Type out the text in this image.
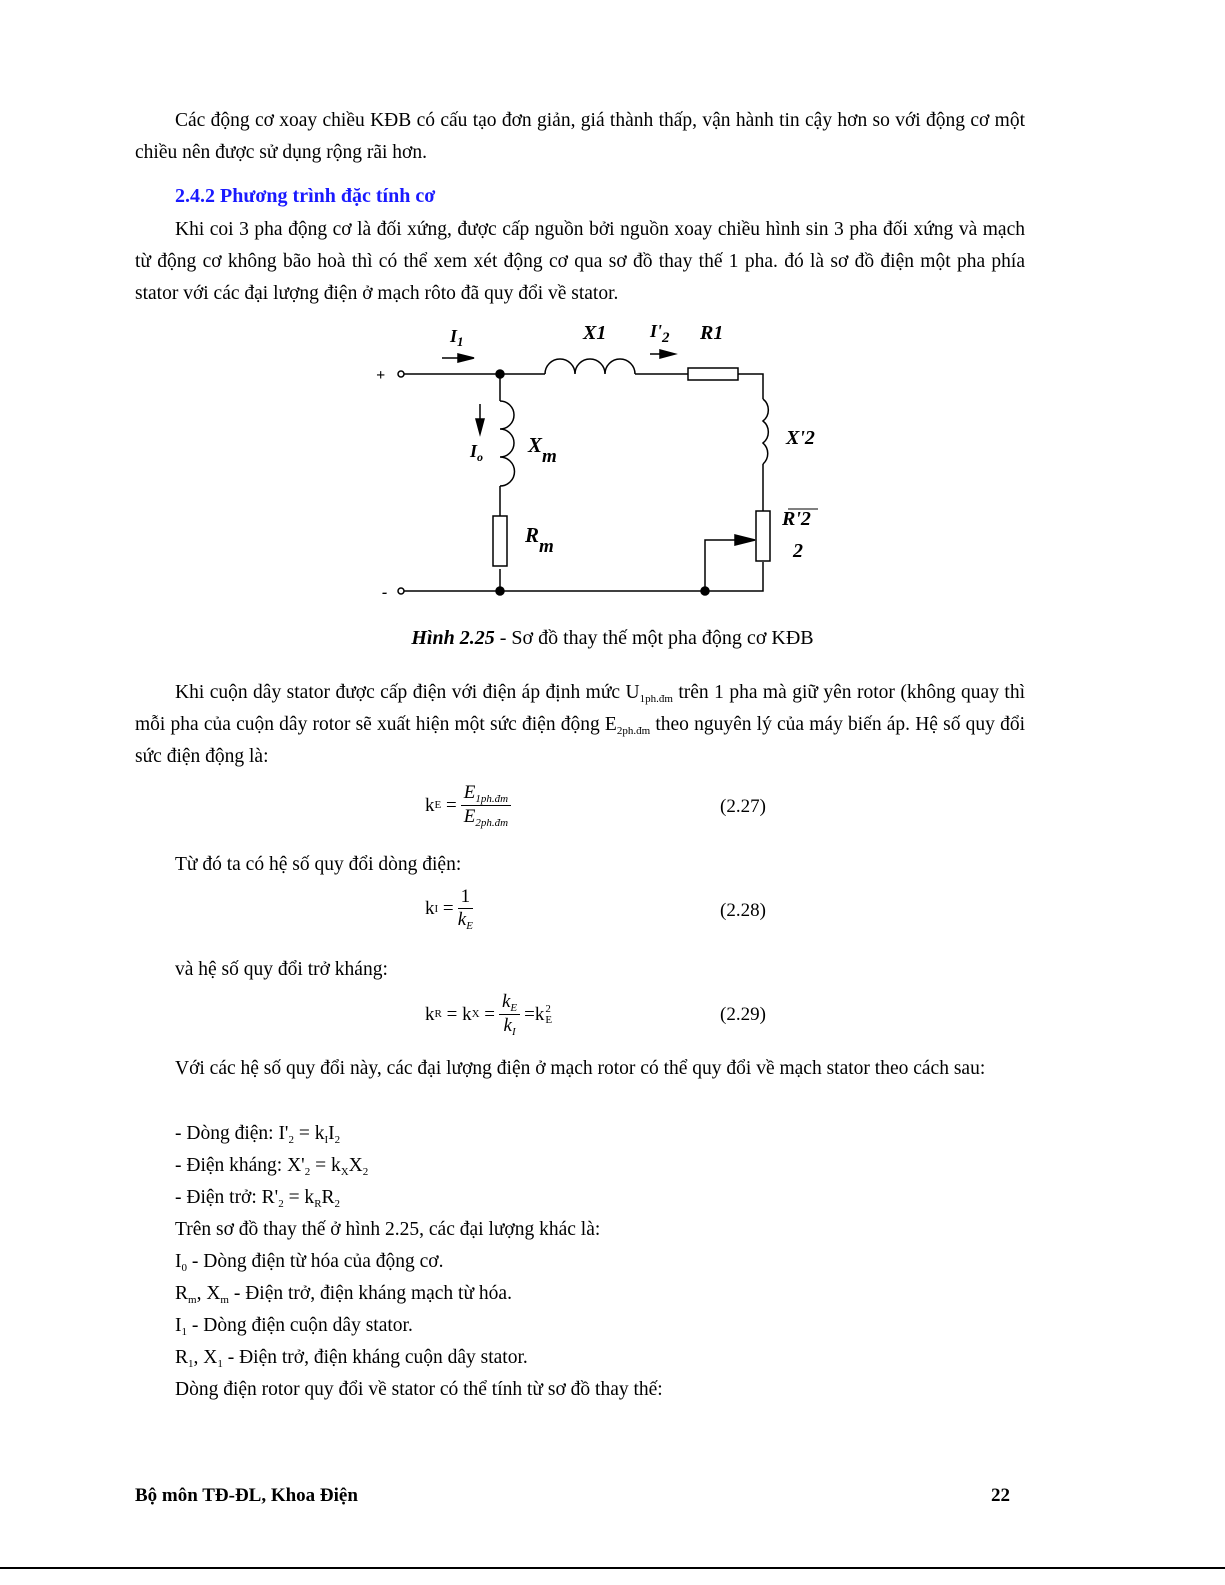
Các động cơ xoay chiều KĐB có cấu tạo đơn giản, giá thành thấp, vận hành tin cậy hơn so với động cơ một chiều nên được sử dụng rộng rãi hơn.
2.4.2 Phương trình đặc tính cơ
Khi coi 3 pha động cơ là đối xứng, được cấp nguồn bởi nguồn xoay chiều hình sin 3 pha đối xứng và mạch từ động cơ không bão hoà thì có thể xem xét động cơ qua sơ đồ thay thế 1 pha. đó là sơ đồ điện một pha phía stator với các đại lượng điện ở mạch rôto đã quy đổi về stator.
+
-
$I_1$	X1 $I'_2$ R1
$I_o$ Xm
Rm
X'2
R'2
2
Hình 2.25 - Sơ đồ thay thế một pha động cơ KĐB
Khi cuộn dây stator được cấp điện với điện áp định mức $U_{1ph.đm}$ trên 1 pha mà giữ yên rotor (không quay thì mỗi pha của cuộn dây rotor sẽ xuất hiện một sức điện động $E_{2ph.đm}$ theo nguyên lý của máy biến áp. Hệ số quy đổi sức điện động là:
k $E = \frac{E_{1ph.đm}}{E_{2ph.đm}}$	(2.27)
Từ đó ta có hệ số quy đổi dòng điện:
k $I = \frac{1}{k_E}$	(2.28)
và hệ số quy đổi trở kháng:
k R = k $X = \frac{k_E}{k_I} =k$ 2
E	(2.29)
Với các hệ số quy đổi này, các đại lượng điện ở mạch rotor có thể quy đổi về mạch stator theo cách sau:
- Dòng điện: $I'_2 = k_II_2$
- Điện kháng: $X'_2 = k_XX_2$
- Điện trở: $R'_2 = k_RR_2$
Trên sơ đồ thay thế ở hình 2.25, các đại lượng khác là:
$I_0$ - Dòng điện từ hóa của động cơ.
$R_m$, $X_m$ - Điện trở, điện kháng mạch từ hóa.
$I_1$ - Dòng điện cuộn dây stator.
$R_1$, $X_1$ - Điện trở, điện kháng cuộn dây stator.
Dòng điện rotor quy đổi về stator có thể tính từ sơ đồ thay thế:
Bộ môn TĐ-ĐL, Khoa Điện	22
